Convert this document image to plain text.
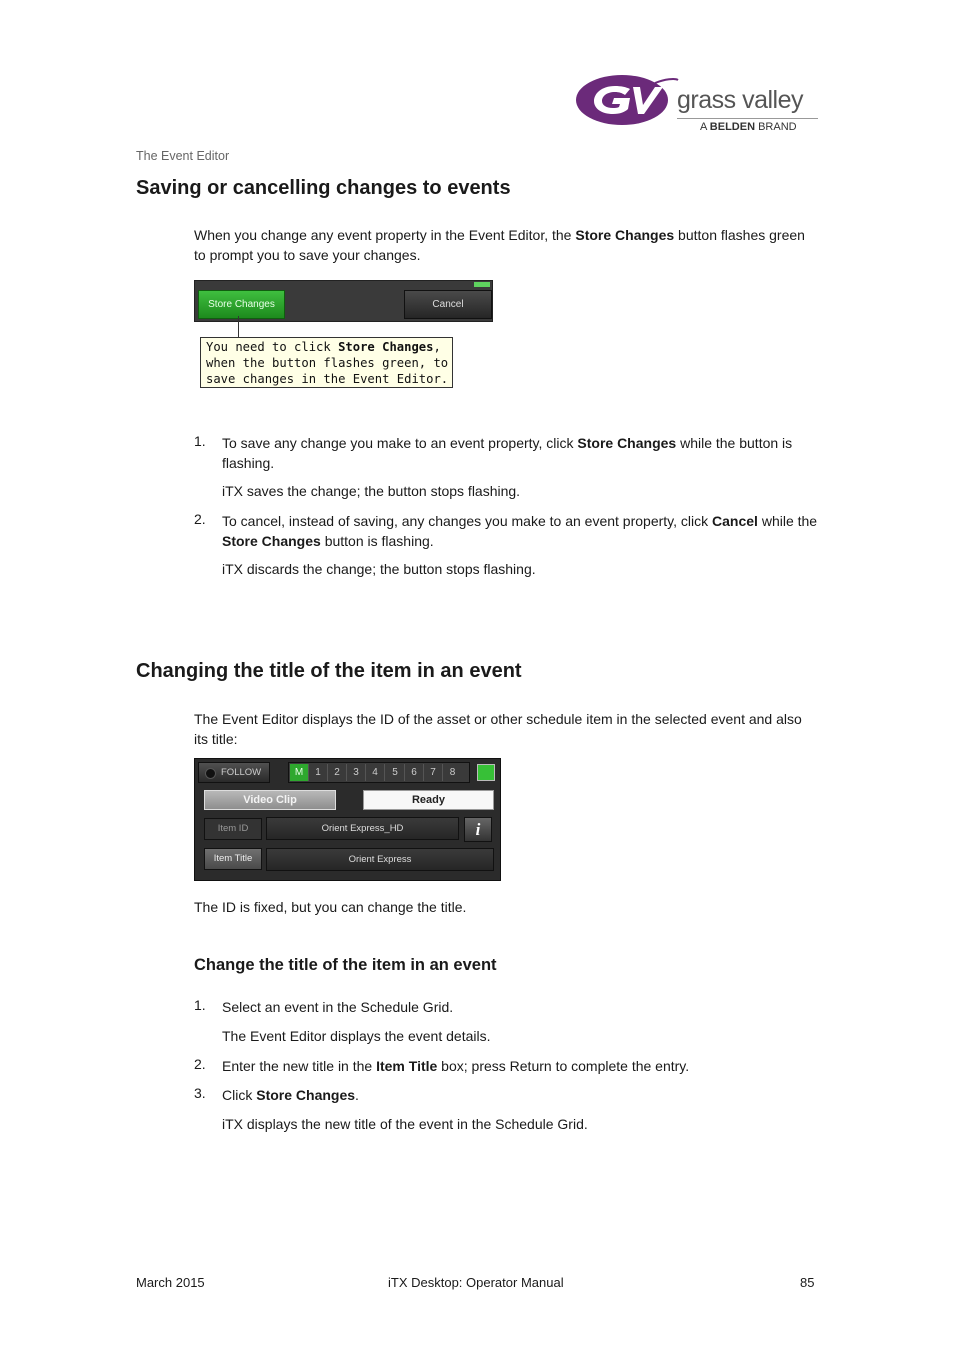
grass valley
A BELDEN BRAND
The Event Editor
Saving or cancelling changes to events
When you change any event property in the Event Editor, the Store Changes button flashes green to prompt you to save your changes.
Store Changes	Cancel
You need to click Store Changes,
when the button flashes green, to
save changes in the Event Editor.
1. To save any change you make to an event property, click Store Changes while the button is flashing.
iTX saves the change; the button stops flashing.
2. To cancel, instead of saving, any changes you make to an event property, click Cancel while the Store Changes button is flashing.
iTX discards the change; the button stops flashing.
Changing the title of the item in an event
The Event Editor displays the ID of the asset or other schedule item in the selected event and also its title:
FOLLOW	M	1	2	3	4	5	6	7	8
Video Clip	Ready
Item ID	Orient Express_HD	i
Item Title	Orient Express
The ID is fixed, but you can change the title.
Change the title of the item in an event
1. Select an event in the Schedule Grid.
The Event Editor displays the event details.
2. Enter the new title in the Item Title box; press Return to complete the entry.
3. Click Store Changes.
iTX displays the new title of the event in the Schedule Grid.
March 2015	iTX Desktop: Operator Manual	85
